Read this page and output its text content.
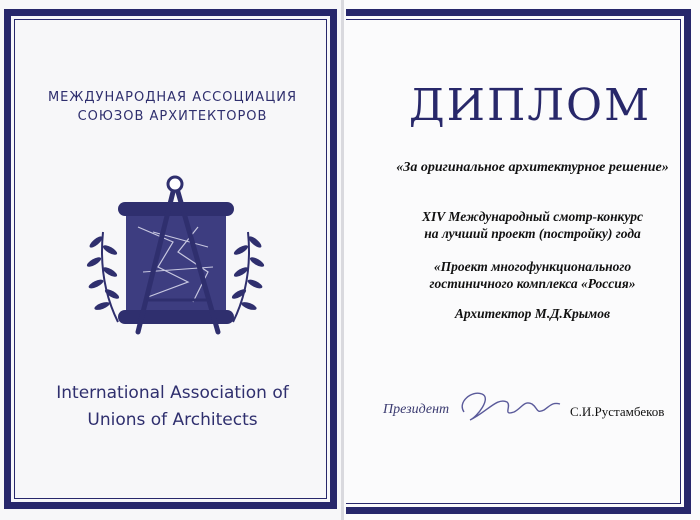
МЕЖДУНАРОДНАЯ АССОЦИАЦИЯ
СОЮЗОВ АРХИТЕКТОРОВ
International Association of
Unions of Architects
ДИПЛОМ
«За оригинальное архитектурное решение»
XIV Международный смотр-конкурс
на лучший проект (постройку) года
«Проект многофункционального
гостиничного комплекса «Россия»
Архитектор М.Д.Крымов
Президент	С.И.Рустамбеков
